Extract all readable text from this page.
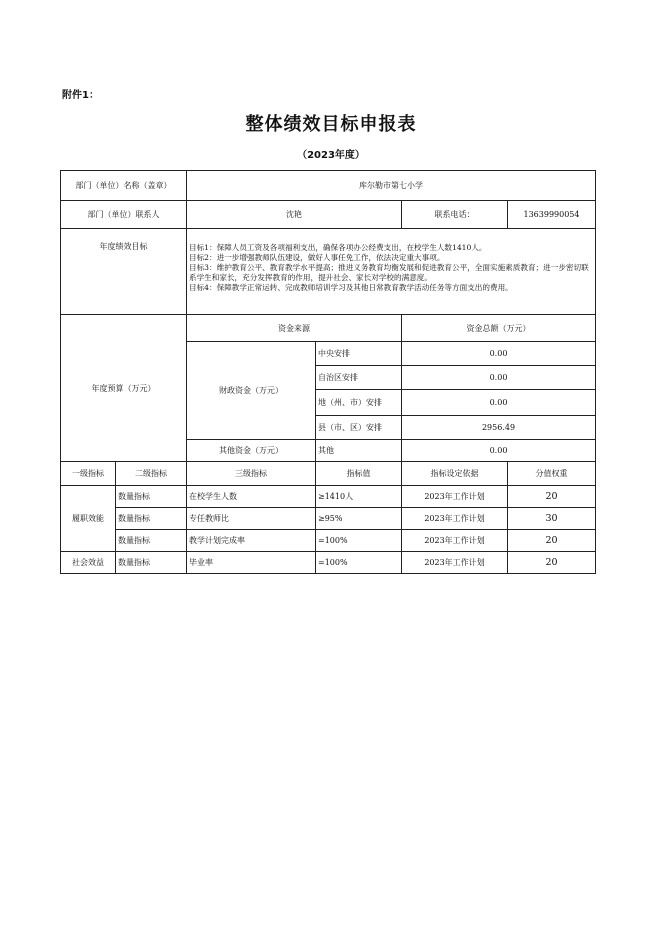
附件1：
整体绩效目标申报表
（2023年度）
部门（单位）名称（盖章）		库尔勒市第七小学			
部门（单位）联系人		沈艳		联系电话：	13639990054
年度绩效目标		目标1：保障人员工资及各项福利支出，确保各项办公经费支出，在校学生人数1410人。
目标2：进一步增强教师队伍建设，做好人事任免工作，依法决定重大事项。
目标3：维护教育公平、教育教学水平提高；推进义务教育均衡发展和促进教育公平，全面实施素质教育；进一步密切联系学生和家长，充分发挥教育的作用，提升社会、家长对学校的满意度。
目标4：保障教学正常运转、完成教师培训学习及其他日常教育教学活动任务等方面支出的费用。			

年度预算（万元）		资金来源		资金总额（万元）	
		财政资金（万元）	中央安排	0.00	
			自治区安排	0.00	
			地（州、市）安排	0.00	
			县（市、区）安排	2956.49	
		其他资金（万元）	其他	0.00	
一级指标	二级指标	三级指标	指标值	指标设定依据	分值权重
履职效能	数量指标	在校学生人数	≥1410人	2023年工作计划	20
	数量指标	专任教师比	≥95%	2023年工作计划	30
	数量指标	教学计划完成率	=100%	2023年工作计划	20
社会效益	数量指标	毕业率	=100%	2023年工作计划	20
